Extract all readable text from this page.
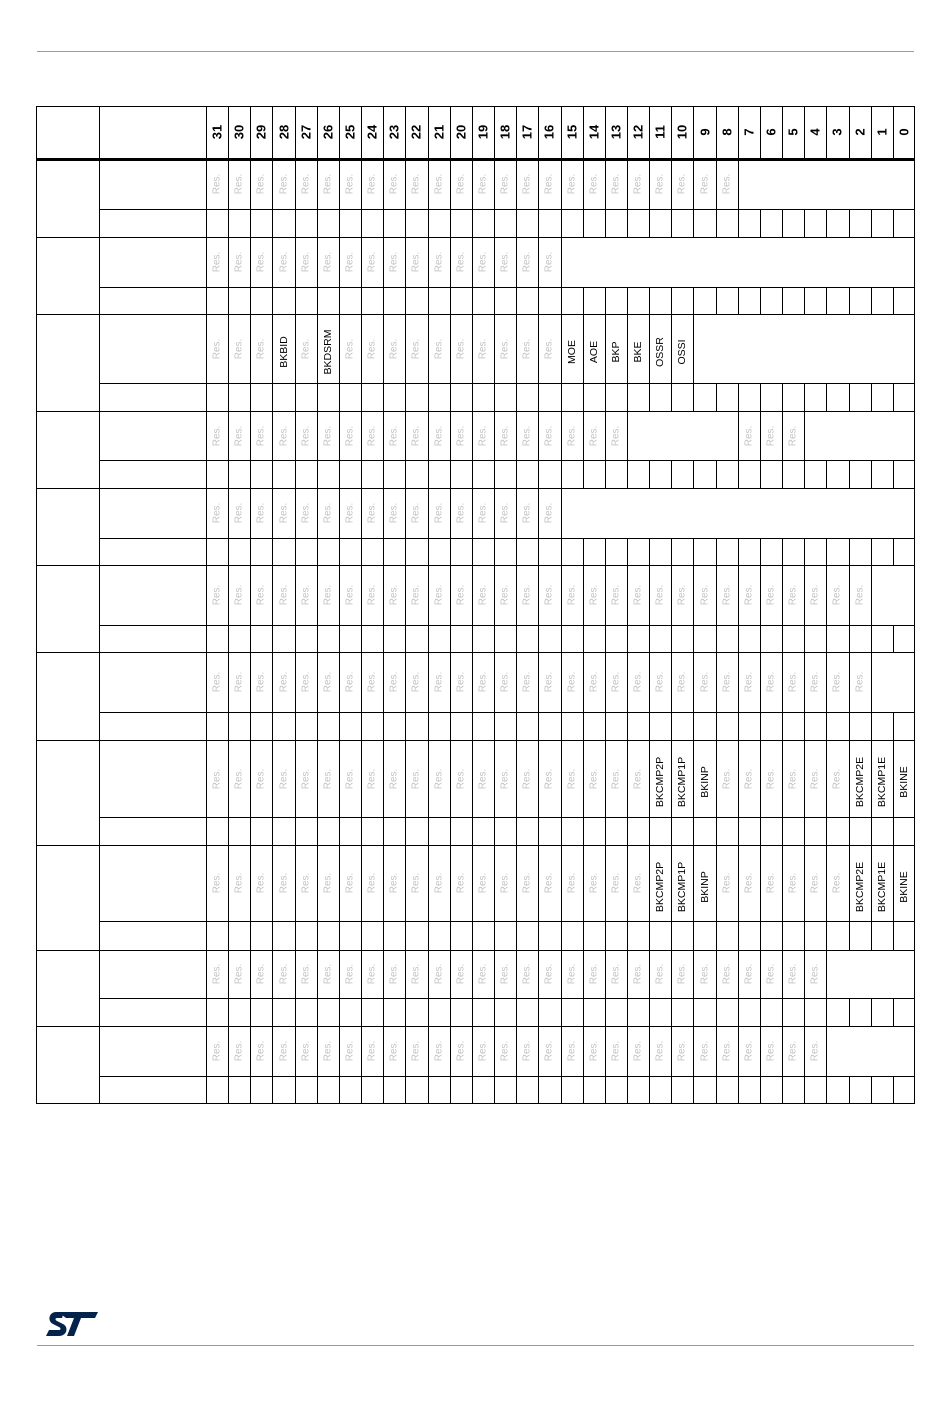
31 30 29 28 27 26 25 24 23 22 21 20 19 18 17 16 15 14 13 12 11 10 9 8 7 6 5 4 3 2 1 0
Res. Res. Res. Res. Res. Res. Res. Res. Res. Res. Res. Res. Res. Res. Res. Res. Res. Res. Res. Res. Res. Res. Res. Res.
Res. Res. Res. Res. Res. Res. Res. Res. Res. Res. Res. Res. Res. Res. Res. Res.
Res. Res. Res. BKBID Res. BKDSRM Res. Res. Res. Res. Res. Res. Res. Res. Res. Res. MOE AOE BKP BKE OSSR OSSI
Res. Res. Res. Res. Res. Res. Res. Res. Res. Res. Res. Res. Res. Res. Res. Res. Res. Res. Res.	Res. Res. Res.
Res. Res. Res. Res. Res. Res. Res. Res. Res. Res. Res. Res. Res. Res. Res. Res.
Res. Res. Res. Res. Res. Res. Res. Res. Res. Res. Res. Res. Res. Res. Res. Res. Res. Res. Res. Res. Res. Res. Res. Res. Res. Res. Res. Res. Res. Res.
Res. Res. Res. Res. Res. Res. Res. Res. Res. Res. Res. Res. Res. Res. Res. Res. Res. Res. Res. Res. Res. Res. Res. Res. Res. Res. Res. Res. Res. Res.
Res. Res. Res. Res. Res. Res. Res. Res. Res. Res. Res. Res. Res. Res. Res. Res. Res. Res. Res. Res. BKCMP2P BKCMP1P BKINP Res. Res. Res. Res. Res. Res. BKCMP2E BKCMP1E BKINE
Res. Res. Res. Res. Res. Res. Res. Res. Res. Res. Res. Res. Res. Res. Res. Res. Res. Res. Res. Res. BKCMP2P BKCMP1P BKINP Res. Res. Res. Res. Res. Res. BKCMP2E BKCMP1E BKINE
Res. Res. Res. Res. Res. Res. Res. Res. Res. Res. Res. Res. Res. Res. Res. Res. Res. Res. Res. Res. Res. Res. Res. Res. Res. Res. Res. Res.
Res. Res. Res. Res. Res. Res. Res. Res. Res. Res. Res. Res. Res. Res. Res. Res. Res. Res. Res. Res. Res. Res. Res. Res. Res. Res. Res. Res.
